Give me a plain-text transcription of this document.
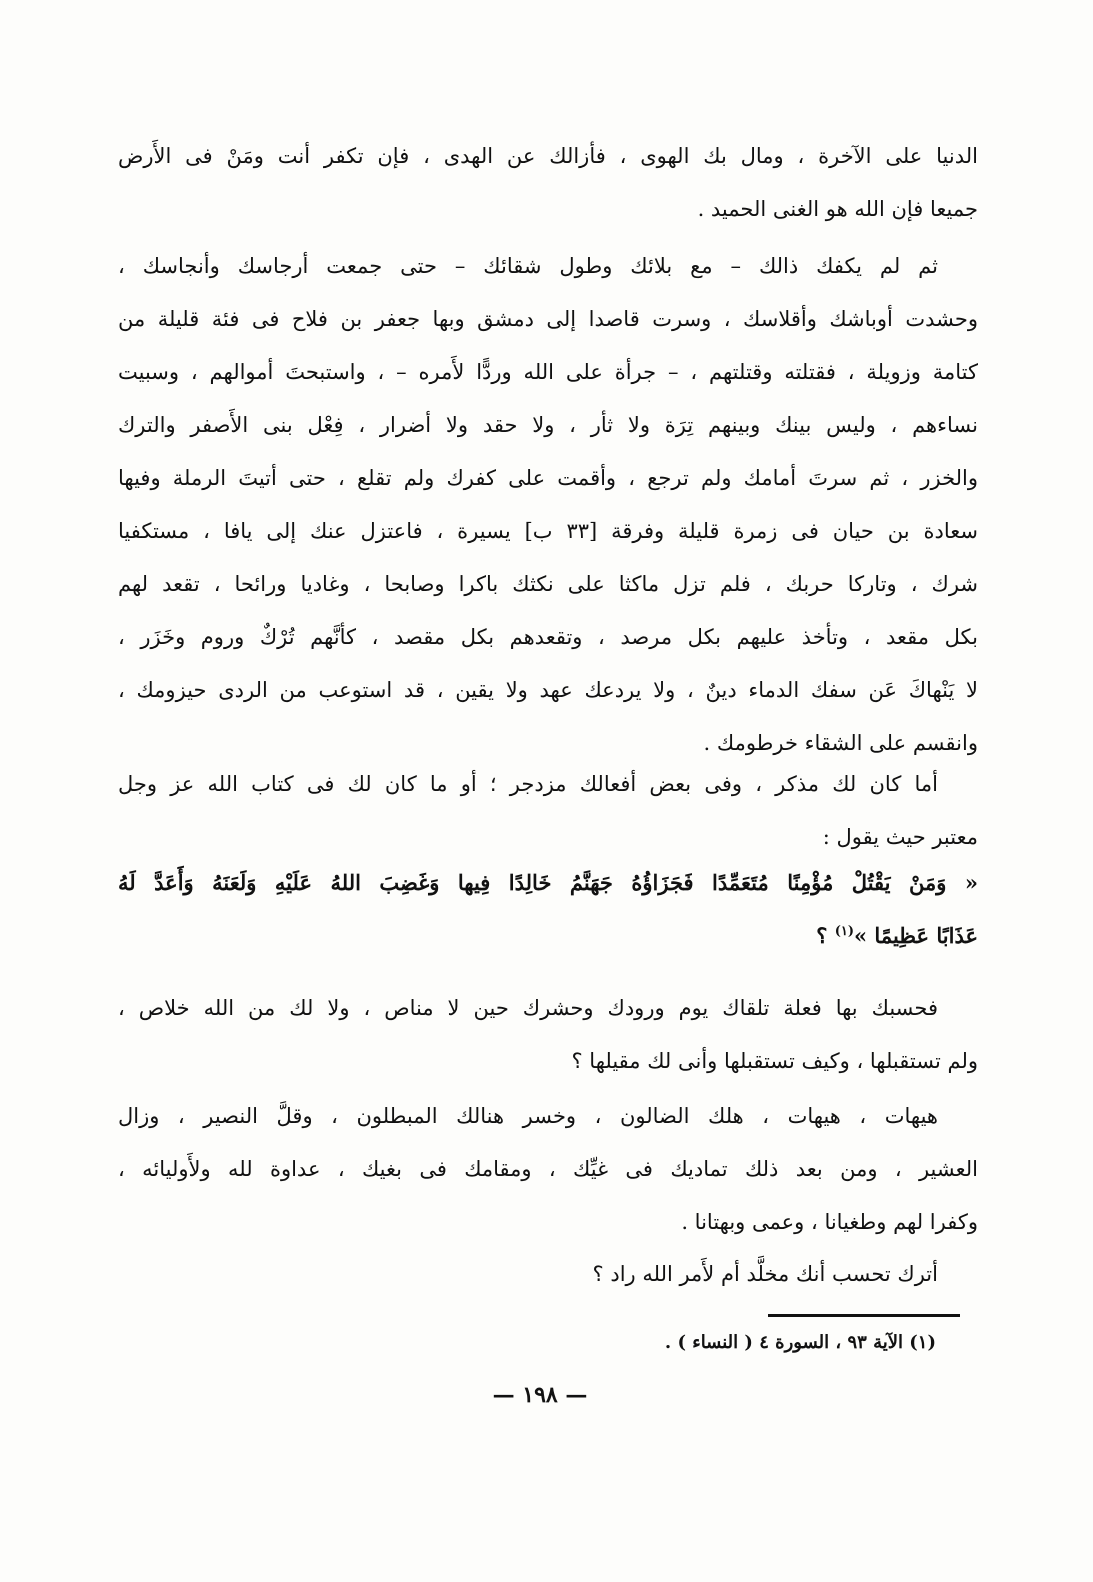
الدنيا على الآخرة ، ومال بك الهوى ، فأزالك عن الهدى ، فإن تكفر أنت ومَنْ فى الأَرض
جميعا فإن الله هو الغنى الحميد .
ثم لم يكفك ذالك – مع بلائك وطول شقائك – حتى جمعت أرجاسك وأنجاسك ،
وحشدت أوباشك وأقلاسك ، وسرت قاصدا إلى دمشق وبها جعفر بن فلاح فى فئة قليلة من
كتامة وزويلة ، فقتلته وقتلتهم ، – جرأة على الله وردًّا لأَمره – ، واستبحتَ أموالهم ، وسبيت
نساءهم ، وليس بينك وبينهم تِرَة ولا ثأر ، ولا حقد ولا أضرار ، فِعْل بنى الأَصفر والترك
والخزر ، ثم سرتَ أمامك ولم ترجع ، وأقمت على كفرك ولم تقلع ، حتى أتيتَ الرملة وفيها
سعادة بن حيان فى زمرة قليلة وفرقة [٣٣ ب] يسيرة ، فاعتزل عنك إلى يافا ، مستكفيا
شرك ، وتاركا حربك ، فلم تزل ماكثا على نكثك باكرا وصابحا ، وغاديا ورائحا ، تقعد لهم
بكل مقعد ، وتأخذ عليهم بكل مرصد ، وتقعدهم بكل مقصد ، كأنَّهم تُرْكٌ وروم وخَزَر ،
لا يَنْهاكَ عَن سفك الدماء دينٌ ، ولا يردعك عهد ولا يقين ، قد استوعب من الردى حيزومك ،
وانقسم على الشقاء خرطومك .
أما كان لك مذكر ، وفى بعض أفعالك مزدجر ؛ أو ما كان لك فى كتاب الله عز وجل
معتبر حيث يقول :
« وَمَنْ يَقْتُلْ مُؤْمِنًا مُتَعَمِّدًا فَجَزَاؤُهُ جَهَنَّمُ خَالِدًا فِيها وَغَضِبَ اللهُ عَلَيْهِ وَلَعَنَهُ وَأَعَدَّ لَهُ
عَذَابًا عَظِيمًا »$^{(١)}$ ؟
فحسبك بها فعلة تلقاك يوم ورودك وحشرك حين لا مناص ، ولا لك من الله خلاص ،
ولم تستقبلها ، وكيف تستقبلها وأنى لك مقيلها ؟
هيهات ، هيهات ، هلك الضالون ، وخسر هنالك المبطلون ، وقلَّ النصير ، وزال
العشير ، ومن بعد ذلك تماديك فى غيِّك ، ومقامك فى بغيك ، عداوة لله ولأَوليائه ،
وكفرا لهم وطغيانا ، وعمى وبهتانا .
أترك تحسب أنك مخلَّد أم لأَمر الله راد ؟
(١) الآية ٩٣ ، السورة ٤ ( النساء ) .
— ١٩٨ —
